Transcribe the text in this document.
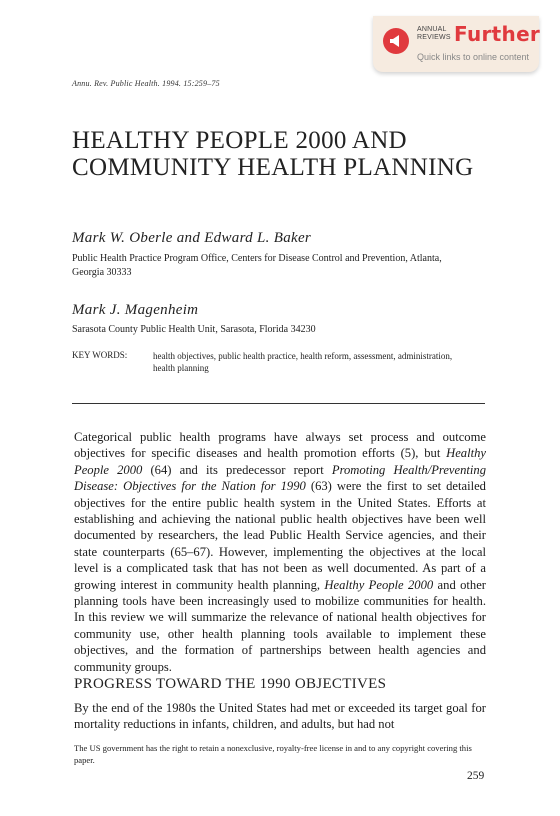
ANNUAL
REVIEWS Further
Quick links to online content
Annu. Rev. Public Health. 1994. 15:259–75
HEALTHY PEOPLE 2000 AND COMMUNITY HEALTH PLANNING
Mark W. Oberle and Edward L. Baker
Public Health Practice Program Office, Centers for Disease Control and Prevention, Atlanta, Georgia 30333
Mark J. Magenheim
Sarasota County Public Health Unit, Sarasota, Florida 34230
KEY WORDS:	health objectives, public health practice, health reform, assessment, administration, health planning
Categorical public health programs have always set process and outcome objectives for specific diseases and health promotion efforts (5), but Healthy People 2000 (64) and its predecessor report Promoting Health/Preventing Disease: Objectives for the Nation for 1990 (63) were the first to set detailed objectives for the entire public health system in the United States. Efforts at establishing and achieving the national public health objectives have been well documented by researchers, the lead Public Health Service agencies, and their state counterparts (65–67). However, implementing the objectives at the local level is a complicated task that has not been as well documented. As part of a growing interest in community health planning, Healthy People 2000 and other planning tools have been increasingly used to mobilize communities for health. In this review we will summarize the relevance of national health objectives for community use, other health planning tools available to implement these objectives, and the formation of partnerships between health agencies and community groups.
PROGRESS TOWARD THE 1990 OBJECTIVES
By the end of the 1980s the United States had met or exceeded its target goal for mortality reductions in infants, children, and adults, but had not
The US government has the right to retain a nonexclusive, royalty-free license in and to any copyright covering this paper.
259
